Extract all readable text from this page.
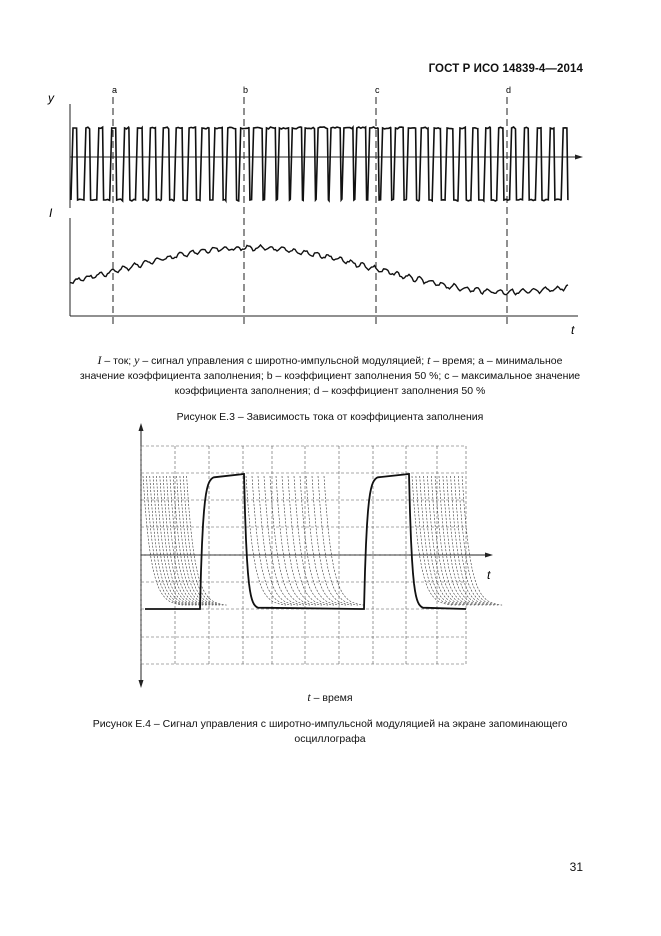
ГОСТ Р ИСО 14839-4—2014
y
I
t
a	b	c	d
I – ток; y – сигнал управления с широтно-импульсной модуляцией; t – время; a – минимальное
значение коэффициента заполнения; b – коэффициент заполнения 50 %; c – максимальное значение
коэффициента заполнения; d – коэффициент заполнения 50 %
Рисунок Е.3 – Зависимость тока от коэффициента заполнения
t
t – время
Рисунок Е.4 – Сигнал управления с широтно-импульсной модуляцией на экране запоминающего
осциллографа
31
